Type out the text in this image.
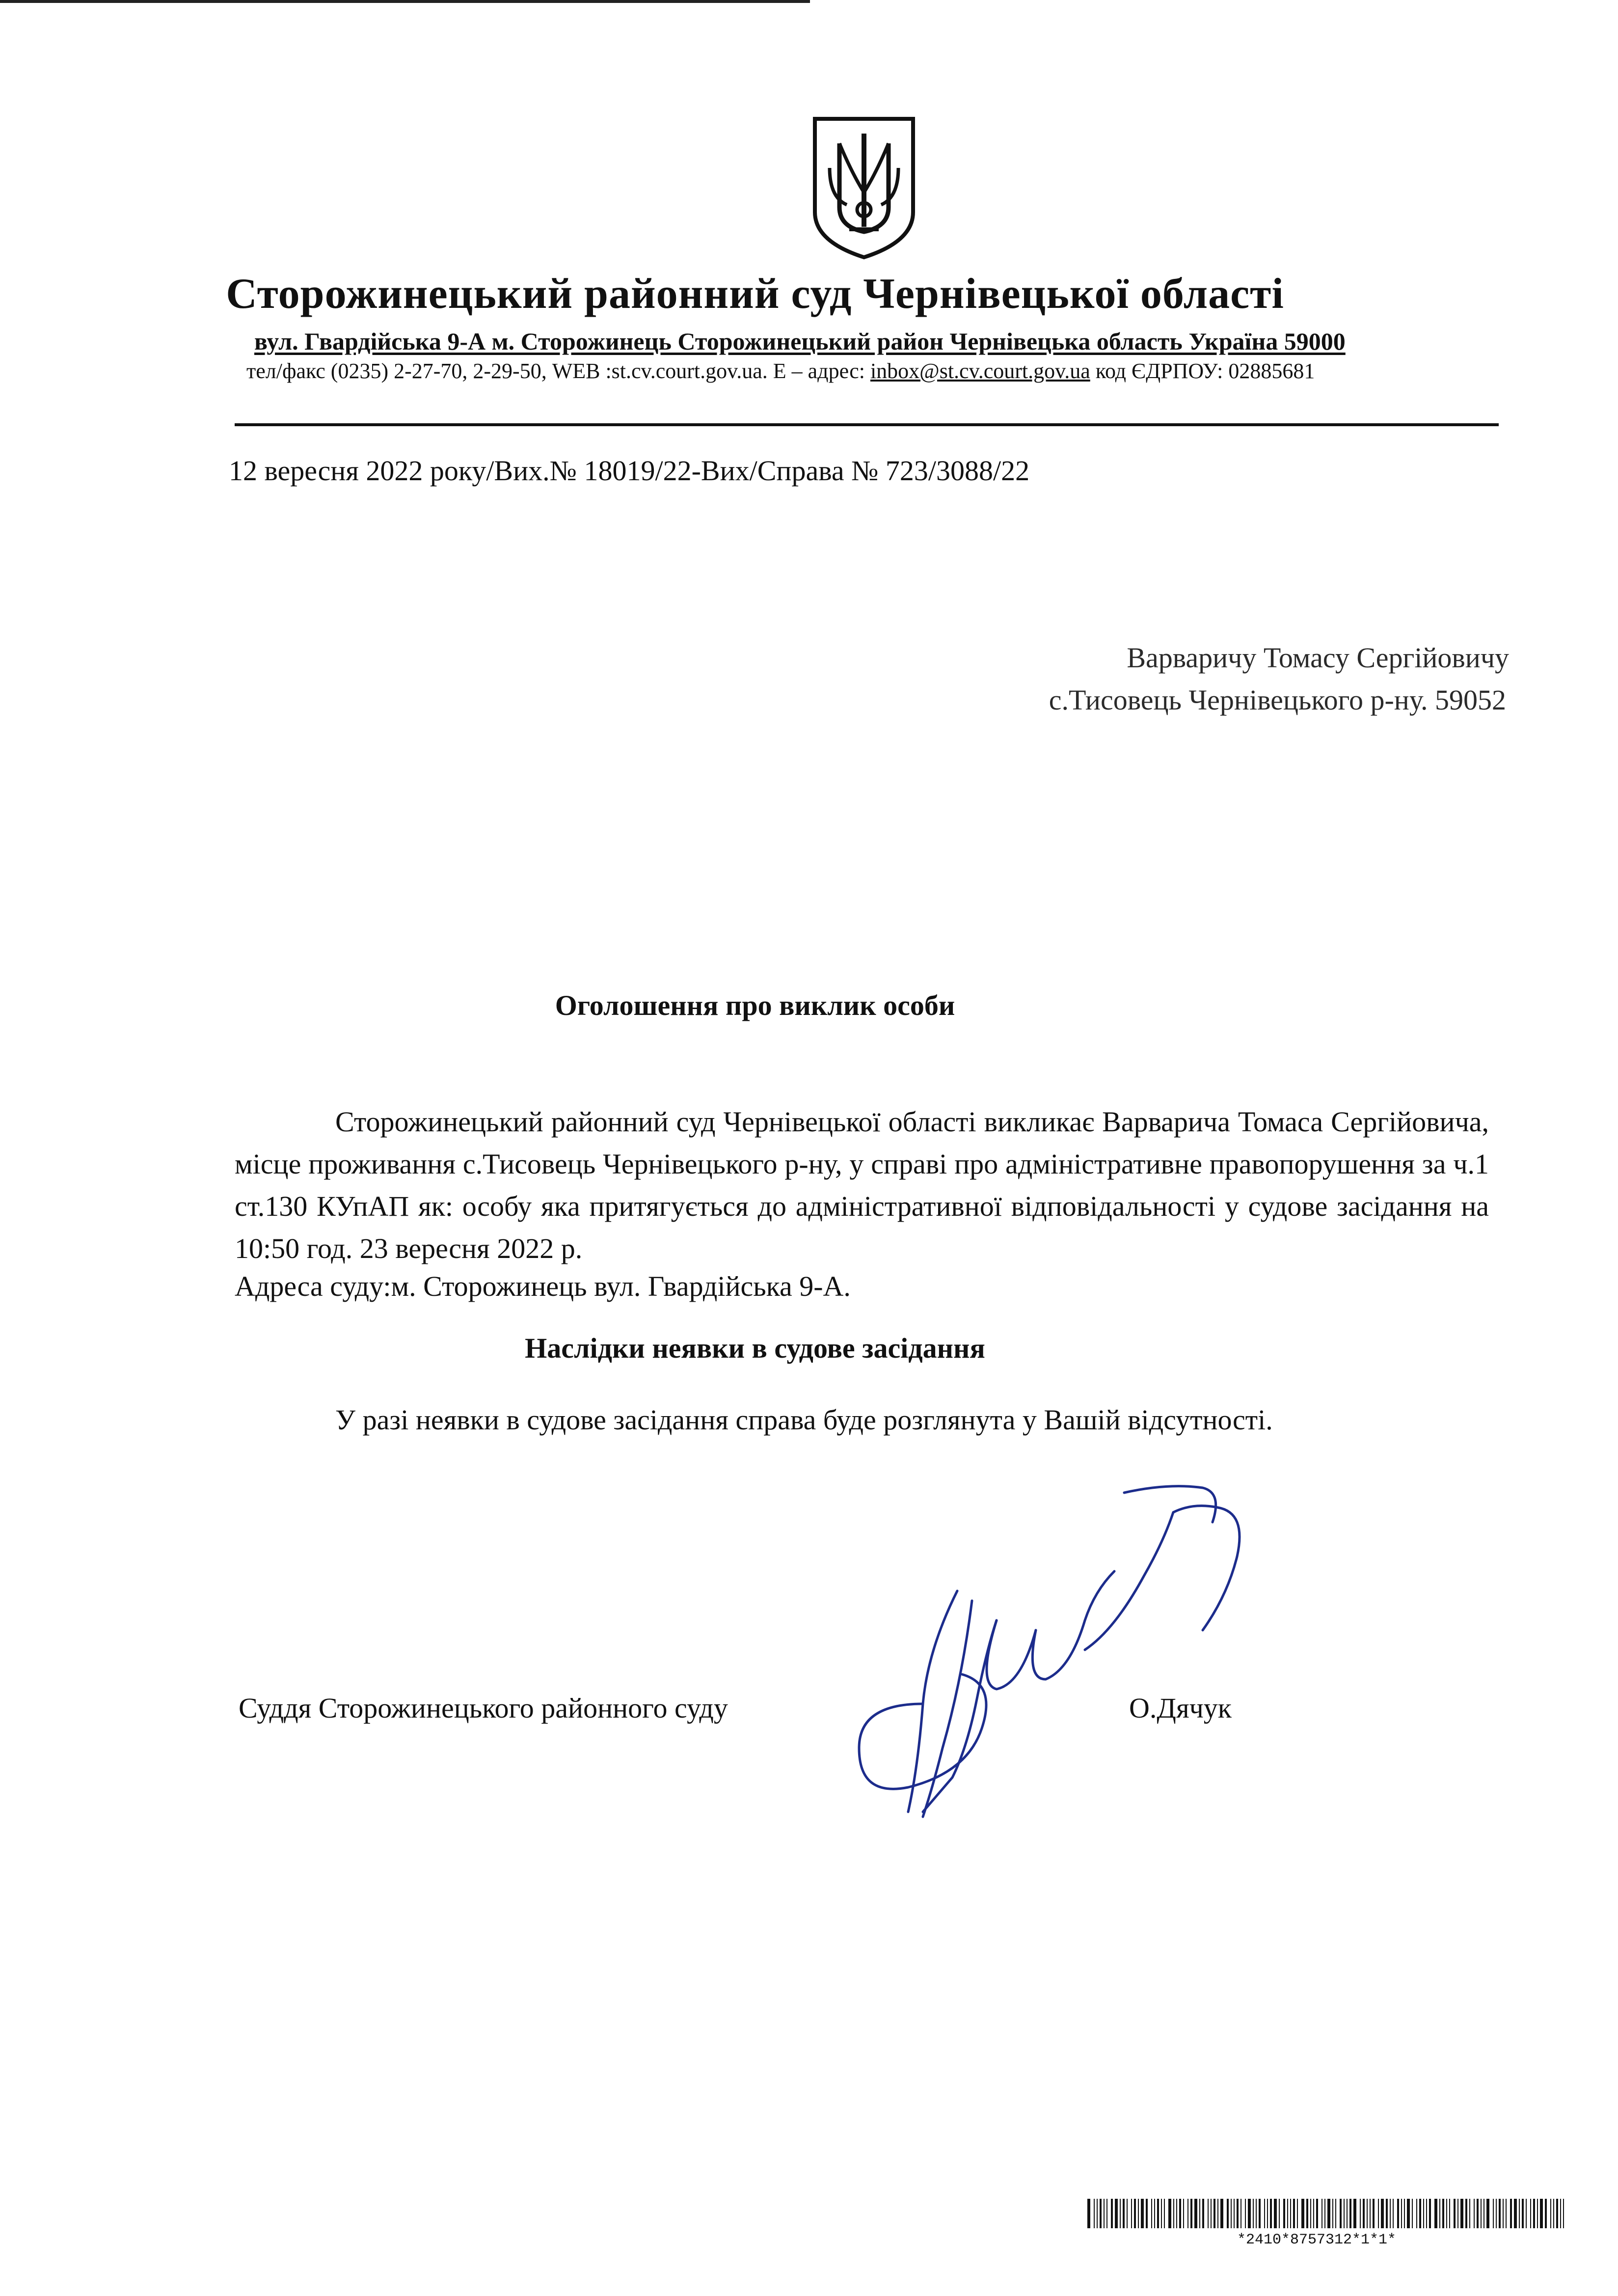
Сторожинецький районний суд Чернівецької області
вул. Гвардійська 9-А м. Сторожинець Сторожинецький район Чернівецька область Україна 59000
тел/факс (0235) 2-27-70, 2-29-50, WEB :st.cv.court.gov.ua. E – адрес: inbox@st.cv.court.gov.ua код ЄДРПОУ: 02885681
12 вересня 2022 року/Вих.№ 18019/22-Вих/Справа № 723/3088/22
Варваричу Томасу Сергійовичу
с.Тисовець Чернівецького р-ну. 59052
Оголошення про виклик особи

Сторожинецький районний суд Чернівецької області викликає Варварича Томаса Сергійовича, місце проживання с.Тисовець Чернівецького р-ну, у справі про адміністративне правопорушення за ч.1 ст.130 КУпАП як: особу яка притягується до адміністративної відповідальності у судове засідання на 10:50 год. 23 вересня 2022 р.

Адреса суду:м. Сторожинець вул. Гвардійська 9-А.
Наслідки неявки в судове засідання
У разі неявки в судове засідання справа буде розглянута у Вашій відсутності.
Суддя Сторожинецького районного суду	О.Дячук
*2410*8757312*1*1*
